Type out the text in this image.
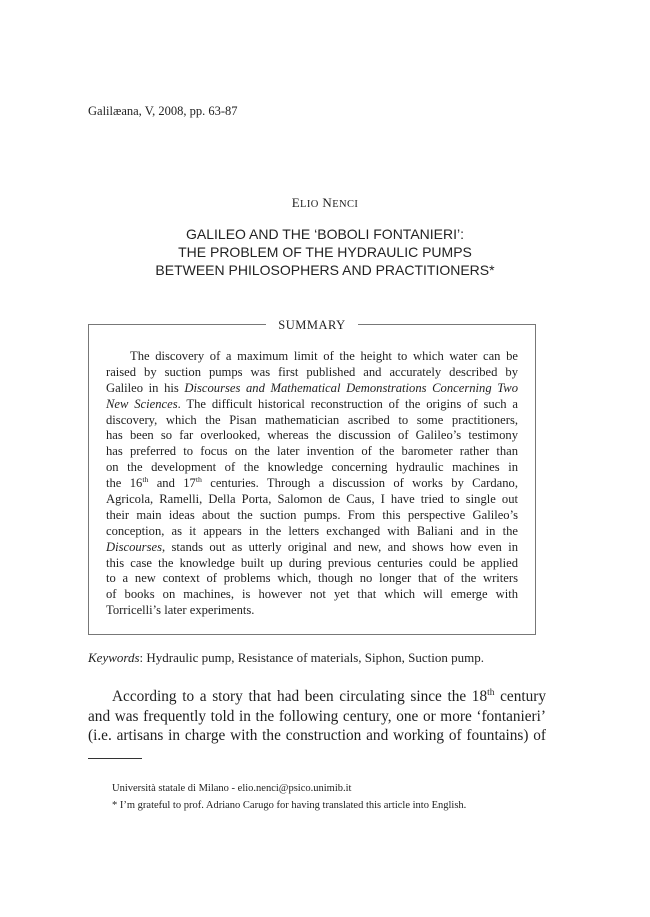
Galilæana, V, 2008, pp. 63-87
ELIO NENCI
GALILEO AND THE ‘BOBOLI FONTANIERI’:
THE PROBLEM OF THE HYDRAULIC PUMPS
BETWEEN PHILOSOPHERS AND PRACTITIONERS*
SUMMARY
The discovery of a maximum limit of the height to which water can be
raised by suction pumps was first published and accurately described by
Galileo in his Discourses and Mathematical Demonstrations Concerning Two
New Sciences. The difficult historical reconstruction of the origins of such a
discovery, which the Pisan mathematician ascribed to some practitioners,
has been so far overlooked, whereas the discussion of Galileo’s testimony
has preferred to focus on the later invention of the barometer rather than
on the development of the knowledge concerning hydraulic machines in
the 16th and 17th centuries. Through a discussion of works by Cardano,
Agricola, Ramelli, Della Porta, Salomon de Caus, I have tried to single out
their main ideas about the suction pumps. From this perspective Galileo’s
conception, as it appears in the letters exchanged with Baliani and in the
Discourses, stands out as utterly original and new, and shows how even in
this case the knowledge built up during previous centuries could be applied
to a new context of problems which, though no longer that of the writers
of books on machines, is however not yet that which will emerge with
Torricelli’s later experiments.
Keywords: Hydraulic pump, Resistance of materials, Siphon, Suction pump.
According to a story that had been circulating since the 18th century
and was frequently told in the following century, one or more ‘fontanieri’
(i.e. artisans in charge with the construction and working of fountains) of
Università statale di Milano - elio.nenci@psico.unimib.it
* I’m grateful to prof. Adriano Carugo for having translated this article into English.
